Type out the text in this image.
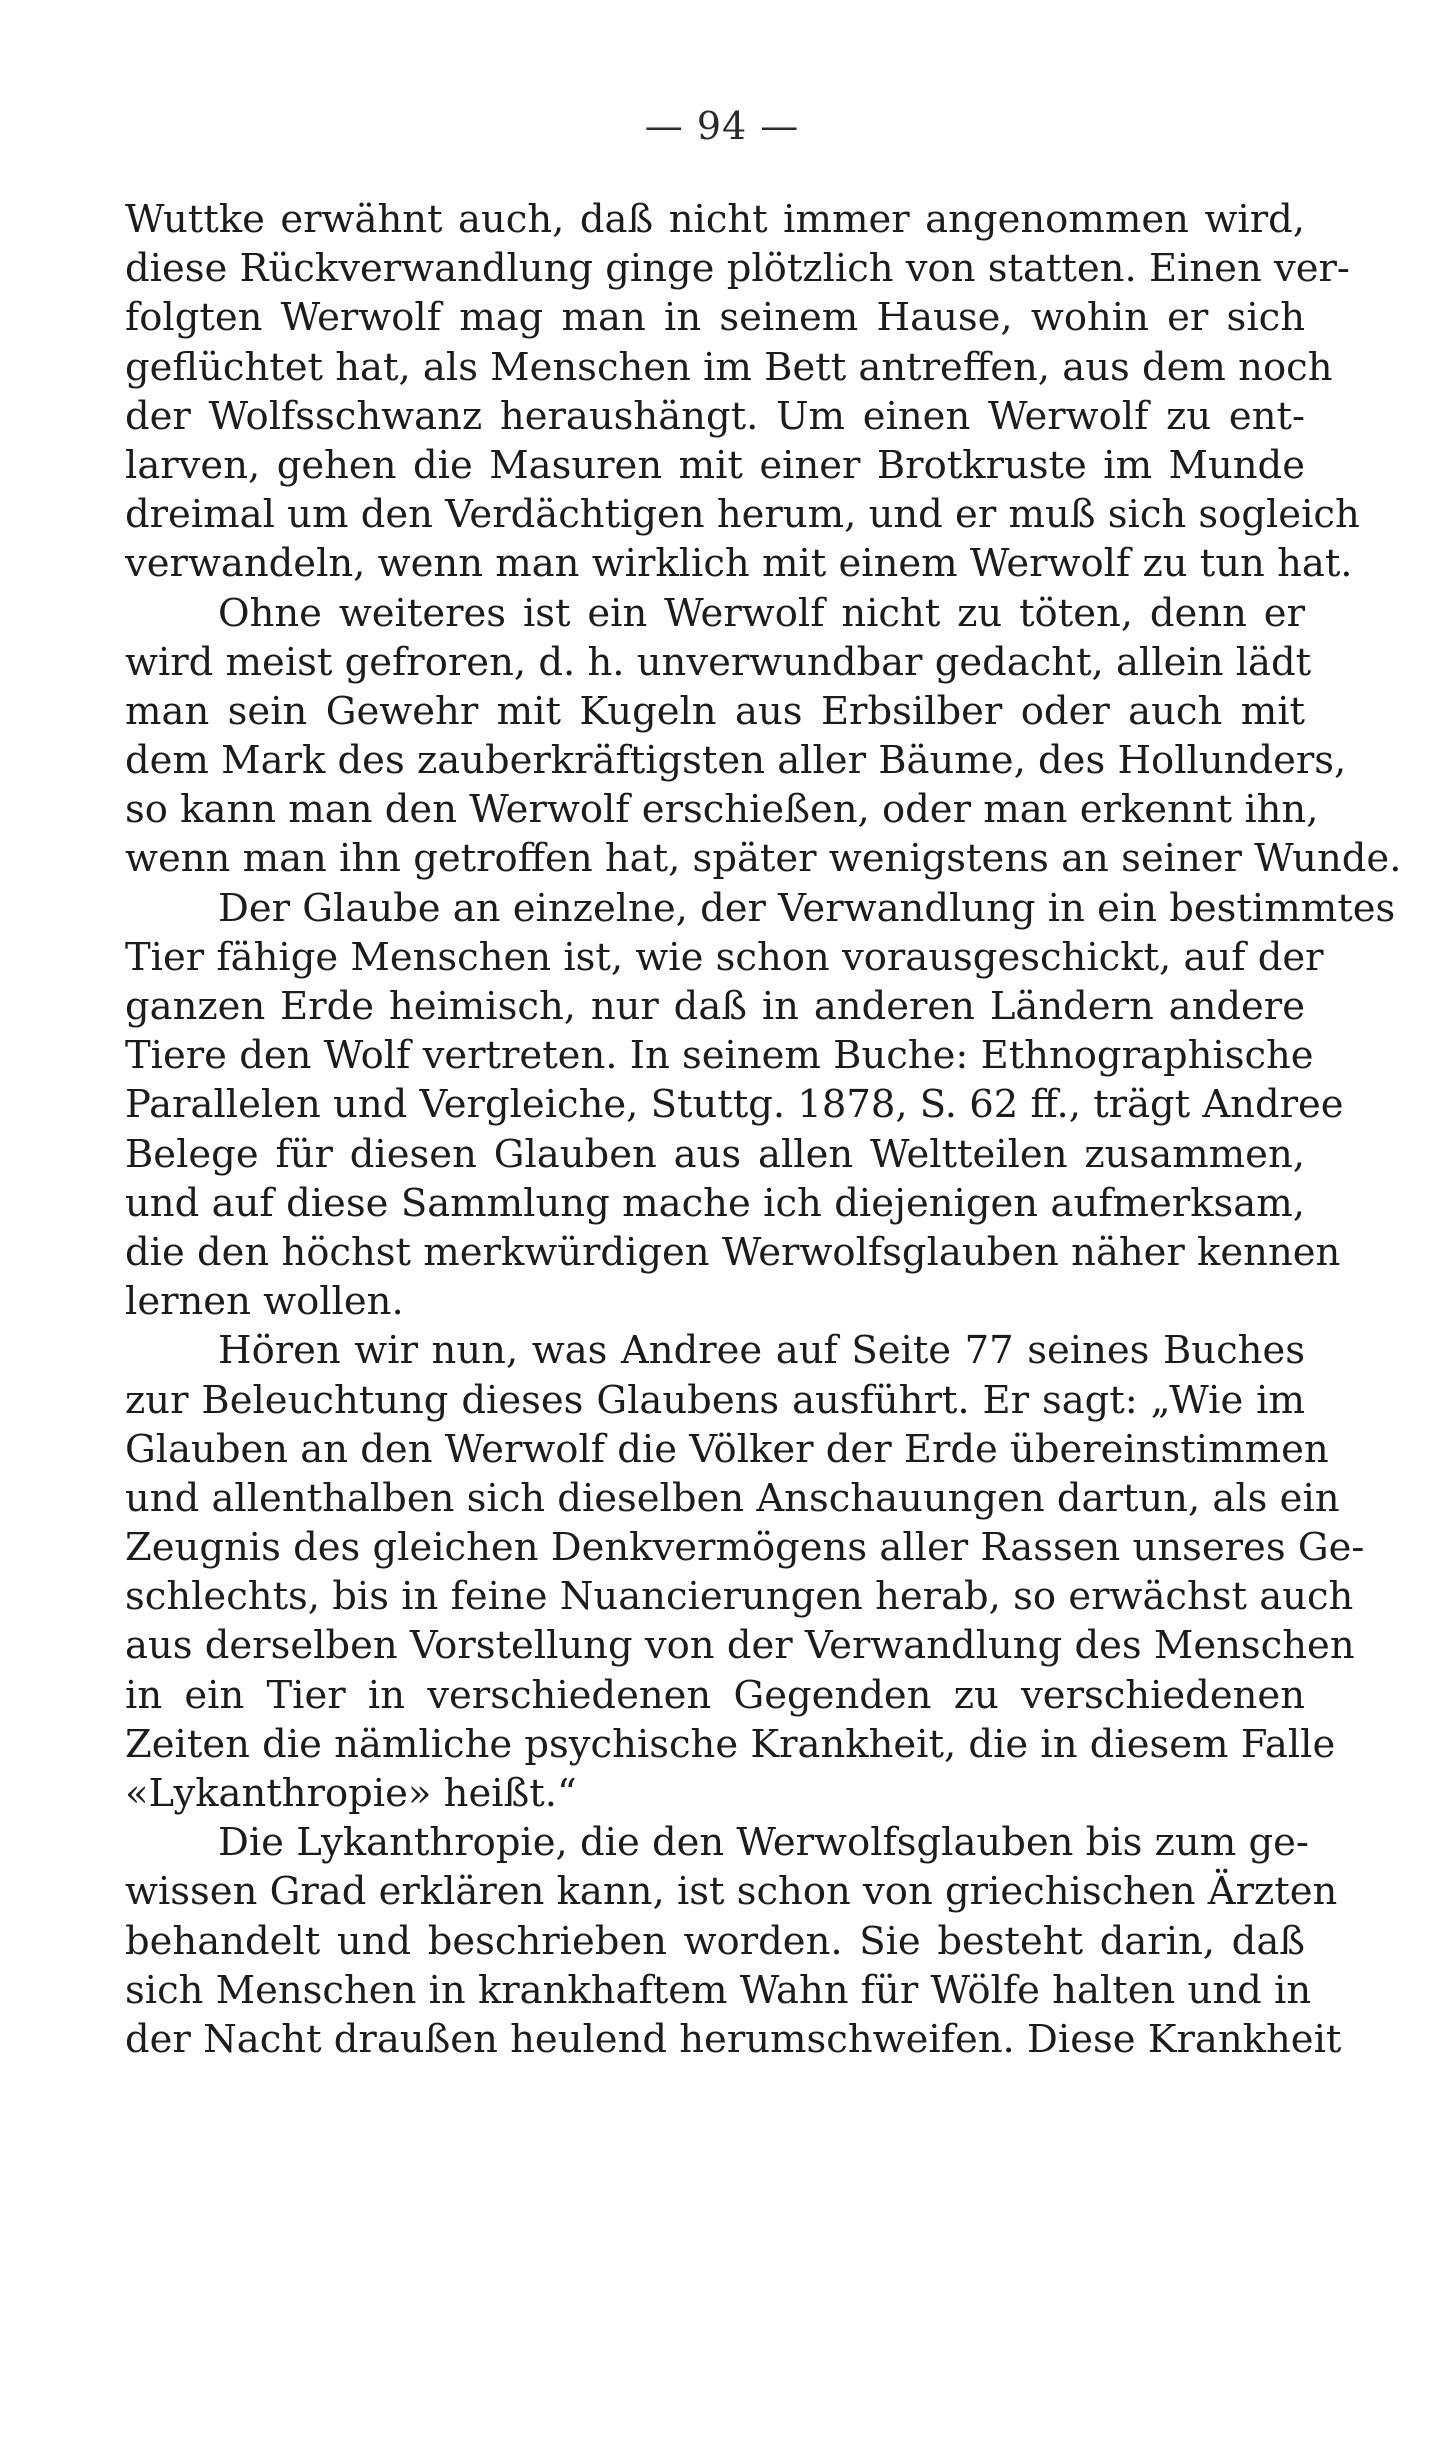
— 94 —
Wuttke erwähnt auch, daß nicht immer angenommen wird,
diese Rückverwandlung ginge plötzlich von statten. Einen ver-
folgten Werwolf mag man in seinem Hause, wohin er sich
geflüchtet hat, als Menschen im Bett antreffen, aus dem noch
der Wolfsschwanz heraushängt. Um einen Werwolf zu ent-
larven, gehen die Masuren mit einer Brotkruste im Munde
dreimal um den Verdächtigen herum, und er muß sich sogleich
verwandeln, wenn man wirklich mit einem Werwolf zu tun hat.
Ohne weiteres ist ein Werwolf nicht zu töten, denn er
wird meist gefroren, d. h. unverwundbar gedacht, allein lädt
man sein Gewehr mit Kugeln aus Erbsilber oder auch mit
dem Mark des zauberkräftigsten aller Bäume, des Hollunders,
so kann man den Werwolf erschießen, oder man erkennt ihn,
wenn man ihn getroffen hat, später wenigstens an seiner Wunde.
Der Glaube an einzelne, der Verwandlung in ein bestimmtes
Tier fähige Menschen ist, wie schon vorausgeschickt, auf der
ganzen Erde heimisch, nur daß in anderen Ländern andere
Tiere den Wolf vertreten. In seinem Buche: Ethnographische
Parallelen und Vergleiche, Stuttg. 1878, S. 62 ff., trägt Andree
Belege für diesen Glauben aus allen Weltteilen zusammen,
und auf diese Sammlung mache ich diejenigen aufmerksam,
die den höchst merkwürdigen Werwolfsglauben näher kennen
lernen wollen.
Hören wir nun, was Andree auf Seite 77 seines Buches
zur Beleuchtung dieses Glaubens ausführt. Er sagt: „Wie im
Glauben an den Werwolf die Völker der Erde übereinstimmen
und allenthalben sich dieselben Anschauungen dartun, als ein
Zeugnis des gleichen Denkvermögens aller Rassen unseres Ge-
schlechts, bis in feine Nuancierungen herab, so erwächst auch
aus derselben Vorstellung von der Verwandlung des Menschen
in ein Tier in verschiedenen Gegenden zu verschiedenen
Zeiten die nämliche psychische Krankheit, die in diesem Falle
«Lykanthropie» heißt.“
Die Lykanthropie, die den Werwolfsglauben bis zum ge-
wissen Grad erklären kann, ist schon von griechischen Ärzten
behandelt und beschrieben worden. Sie besteht darin, daß
sich Menschen in krankhaftem Wahn für Wölfe halten und in
der Nacht draußen heulend herumschweifen. Diese Krankheit
